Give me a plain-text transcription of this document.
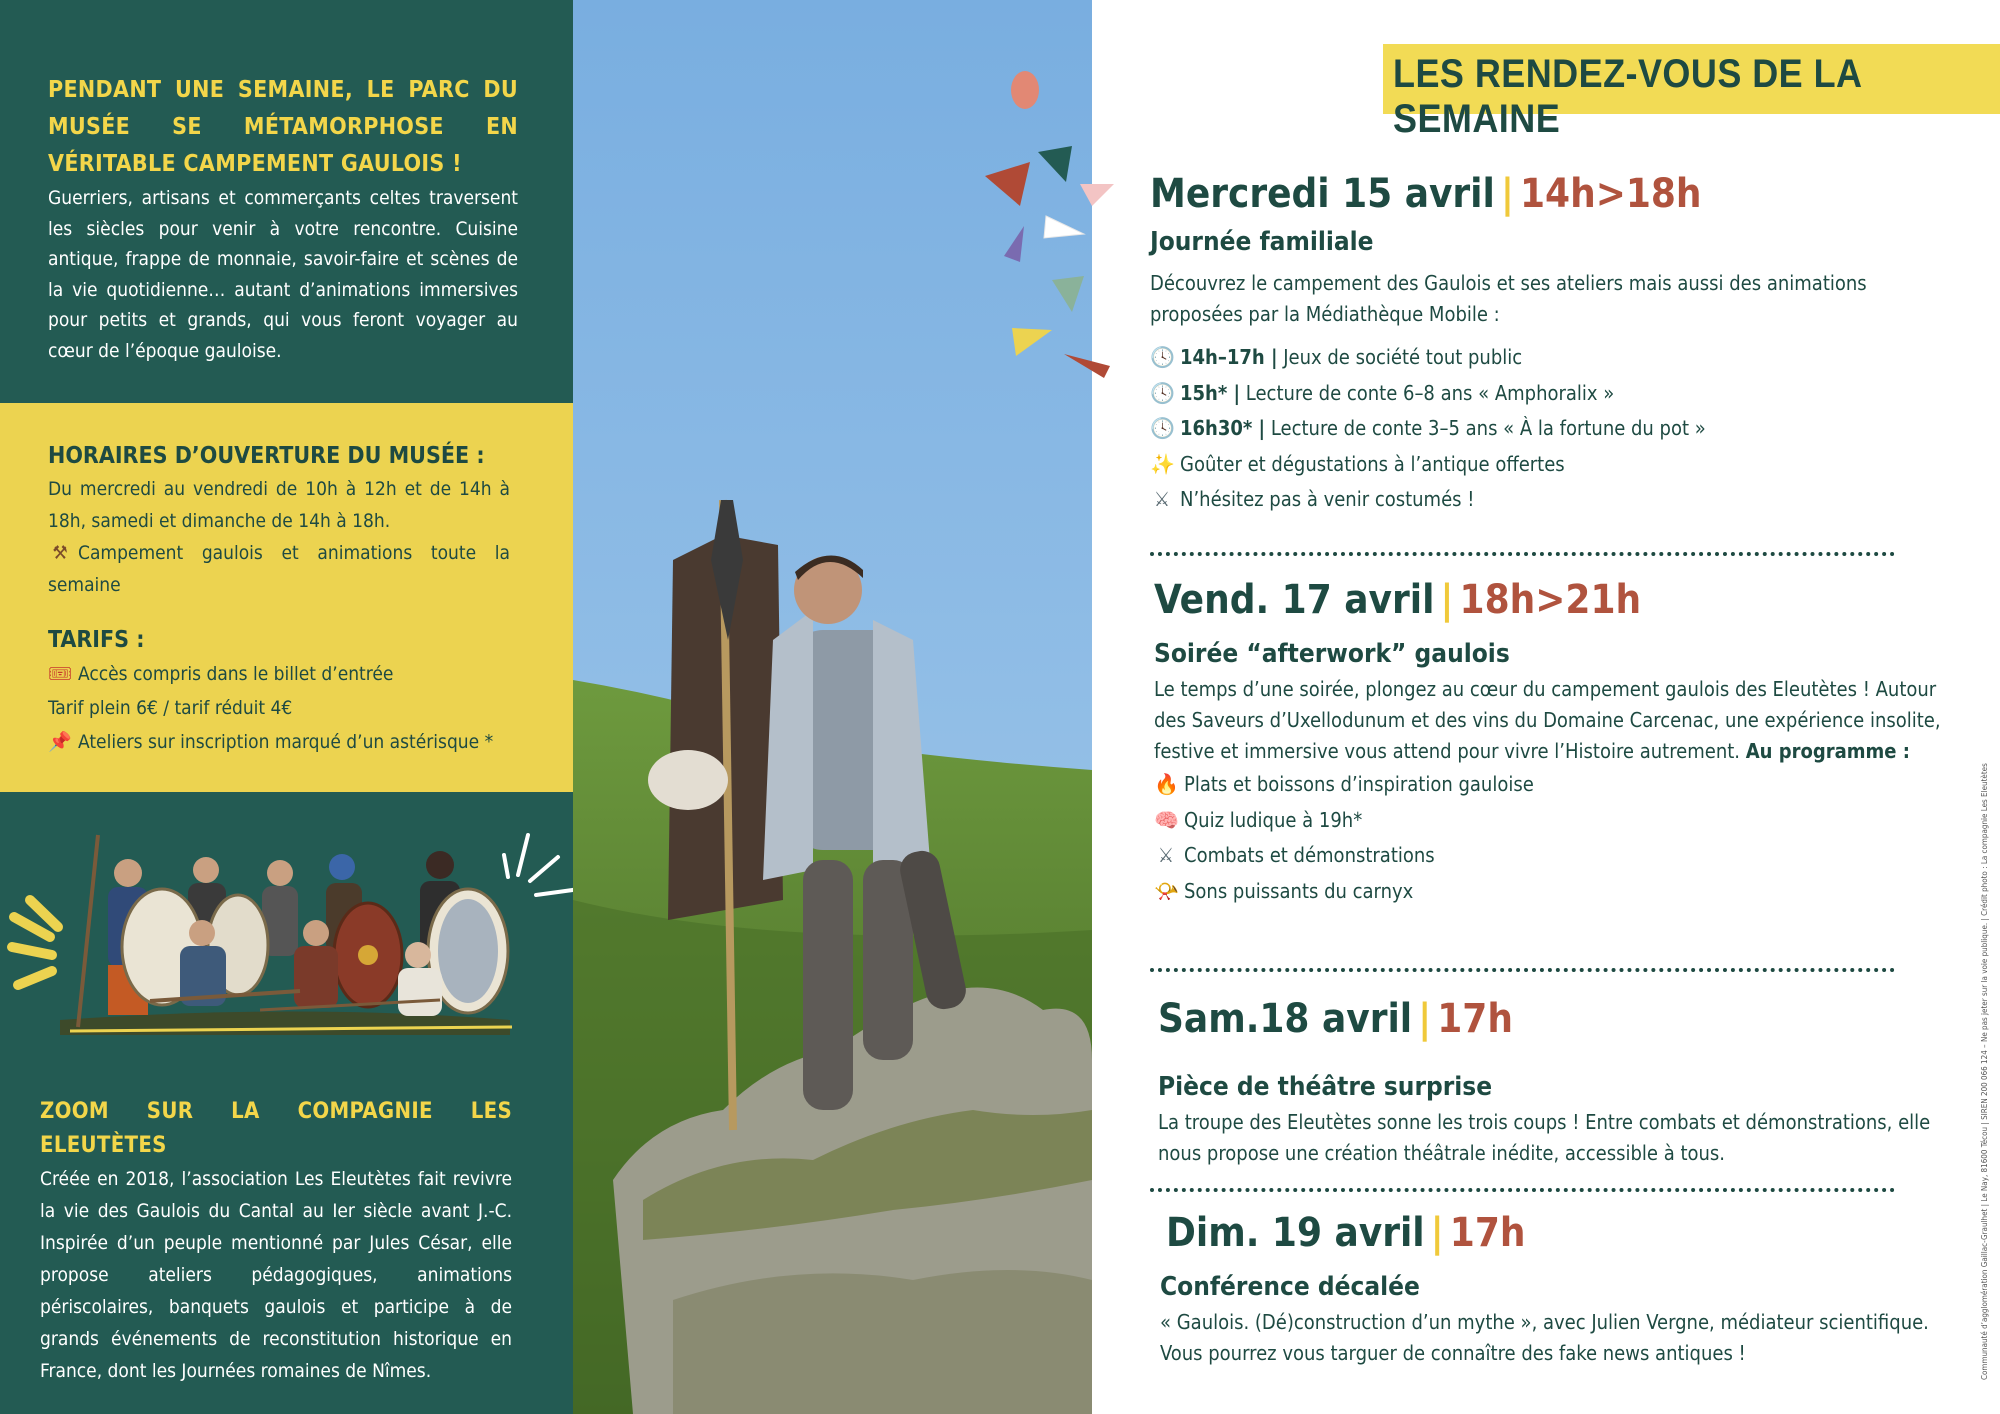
PENDANT UNE SEMAINE, LE PARC DU MUSÉE SE MÉTAMORPHOSE EN VÉRITABLE CAMPEMENT GAULOIS !

Guerriers, artisans et commerçants celtes traversent les siècles pour venir à votre rencontre. Cuisine antique, frappe de monnaie, savoir-faire et scènes de la vie quotidienne… autant d’animations immersives pour petits et grands, qui vous feront voyager au cœur de l’époque gauloise.

HORAIRES D’OUVERTURE DU MUSÉE :

Du mercredi au vendredi de 10h à 12h et de 14h à 18h, samedi et dimanche de 14h à 18h.

⚒ Campement gaulois et animations toute la semaine

TARIFS :

🎟 Accès compris dans le billet d’entrée

Tarif plein 6€ / tarif réduit 4€

📌 Ateliers sur inscription marqué d’un astérisque *

ZOOM SUR LA COMPAGNIE LES ELEUTÈTES

Créée en 2018, l’association Les Eleutètes fait revivre la vie des Gaulois du Cantal au Ier siècle avant J.-C. Inspirée d’un peuple mentionné par Jules César, elle propose ateliers pédagogiques, animations périscolaires, banquets gaulois et participe à de grands événements de reconstitution historique en France, dont les Journées romaines de Nîmes.

LES RENDEZ-VOUS DE LA SEMAINE
Mercredi 15 avril | 14h>18h
Journée familiale

Découvrez le campement des Gaulois et ses ateliers mais aussi des animations proposées par la Médiathèque Mobile :

🕓 14h–17h | Jeux de société tout public
🕓 15h* | Lecture de conte 6–8 ans « Amphoralix »
🕓 16h30* | Lecture de conte 3–5 ans « À la fortune du pot »
✨ Goûter et dégustations à l’antique offertes
⚔ N’hésitez pas à venir costumés !
Vend. 17 avril | 18h>21h
Soirée “afterwork” gaulois

Le temps d’une soirée, plongez au cœur du campement gaulois des Eleutètes ! Autour des Saveurs d’Uxellodunum et des vins du Domaine Carcenac, une expérience insolite, festive et immersive vous attend pour vivre l’Histoire autrement. Au programme :

🔥 Plats et boissons d’inspiration gauloise
🧠 Quiz ludique à 19h*
⚔ Combats et démonstrations
📯 Sons puissants du carnyx
Sam.18 avril | 17h
Pièce de théâtre surprise

La troupe des Eleutètes sonne les trois coups ! Entre combats et démonstrations, elle nous propose une création théâtrale inédite, accessible à tous.

Dim. 19 avril | 17h
Conférence décalée

« Gaulois. (Dé)construction d’un mythe », avec Julien Vergne, médiateur scientifique. Vous pourrez vous targuer de connaître des fake news antiques !	Communauté d’agglomération Gaillac-Graulhet | Le Nay, 81600 Técou | SIREN 200 066 124 – Ne pas jeter sur la voie publique. | Crédit photo : La compagnie Les Eleutètes
